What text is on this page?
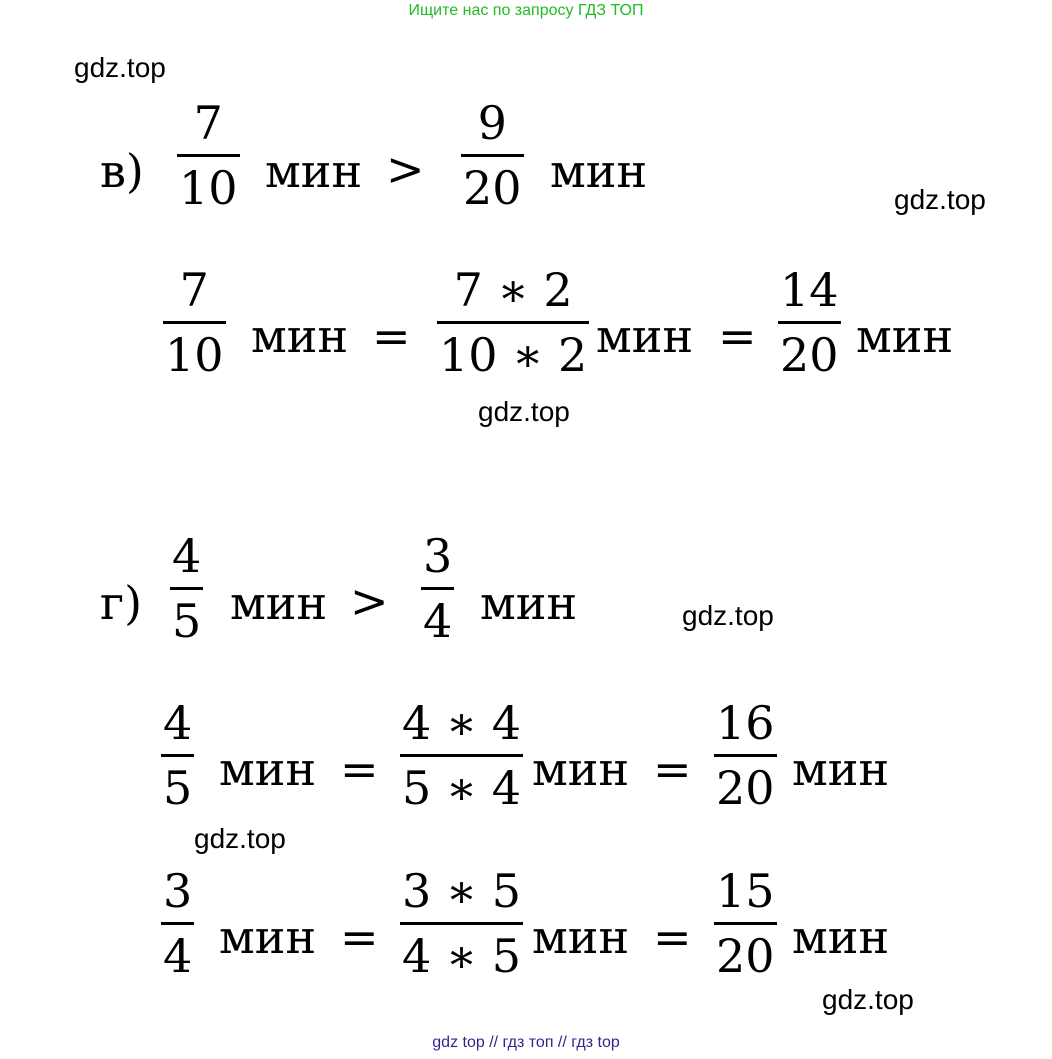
Ищите нас по запросу ГДЗ ТОП
gdz.top
gdz.top
gdz.top
gdz.top
gdz.top
gdz.top
в)
7
10 мин >
9
20 мин
7
10 мин =
7 ∗ 2
10 ∗ 2 мин =
14
20 мин
г)
4
5 мин >
3
4 мин
4
5 мин =
4 ∗ 4
5 ∗ 4 мин =
16
20 мин
3
4 мин =
3 ∗ 5
4 ∗ 5 мин =
15
20 мин
gdz top // гдз топ // гдз top
